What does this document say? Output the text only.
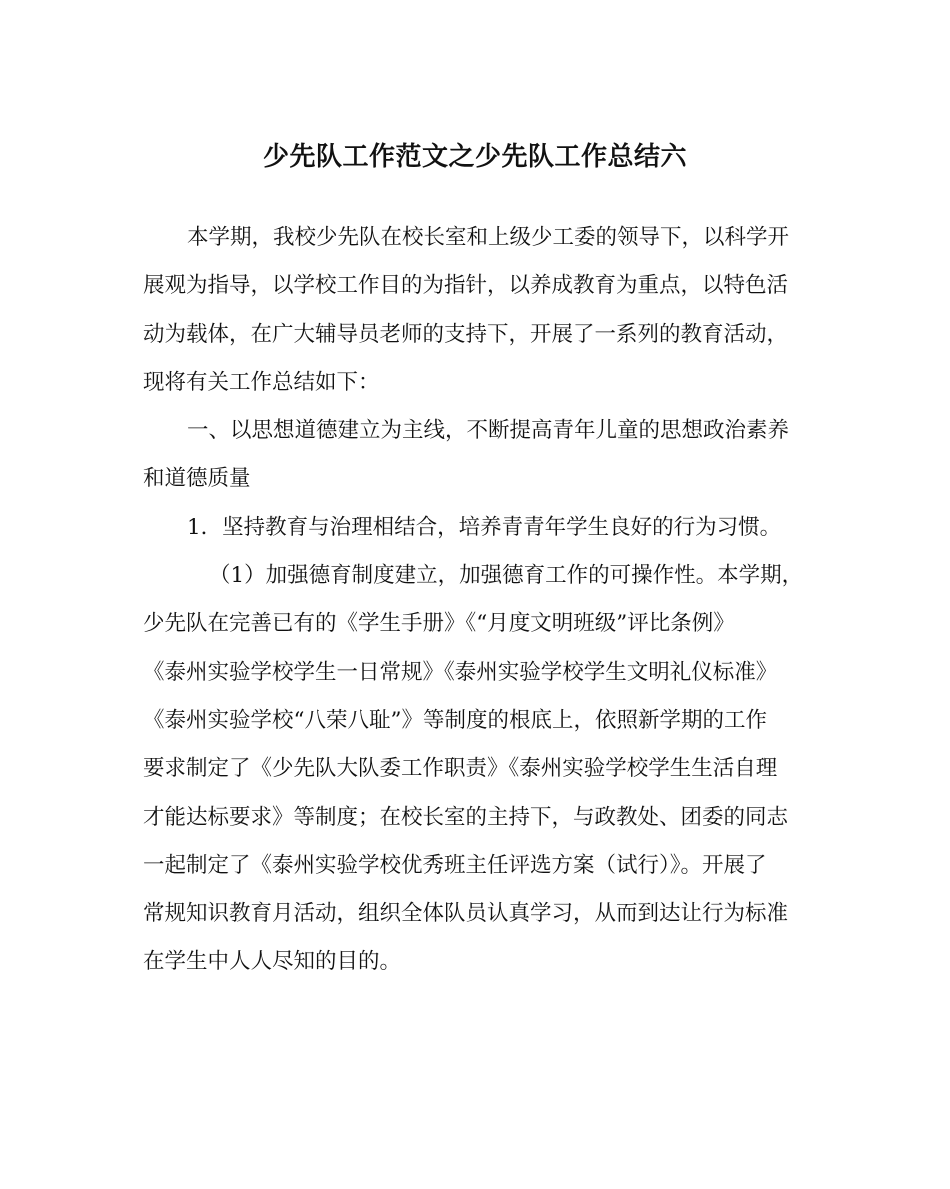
少先队工作范文之少先队工作总结六

本学期，我校少先队在校长室和上级少工委的领导下，以科学开
展观为指导，以学校工作目的为指针，以养成教育为重点，以特色活
动为载体，在广大辅导员老师的支持下，开展了一系列的教育活动，
现将有关工作总结如下：

一、以思想道德建立为主线，不断提高青年儿童的思想政治素养
和道德质量

1．坚持教育与治理相结合，培养青青年学生良好的行为习惯。

（1）加强德育制度建立，加强德育工作的可操作性。本学期，
少先队在完善已有的《学生手册》《“月度文明班级”评比条例》
《泰州实验学校学生一日常规》《泰州实验学校学生文明礼仪标准》
《泰州实验学校“八荣八耻”》等制度的根底上，依照新学期的工作
要求制定了《少先队大队委工作职责》《泰州实验学校学生生活自理
才能达标要求》等制度；在校长室的主持下，与政教处、团委的同志
一起制定了《泰州实验学校优秀班主任评选方案（试行）》。开展了
常规知识教育月活动，组织全体队员认真学习，从而到达让行为标准
在学生中人人尽知的目的。
